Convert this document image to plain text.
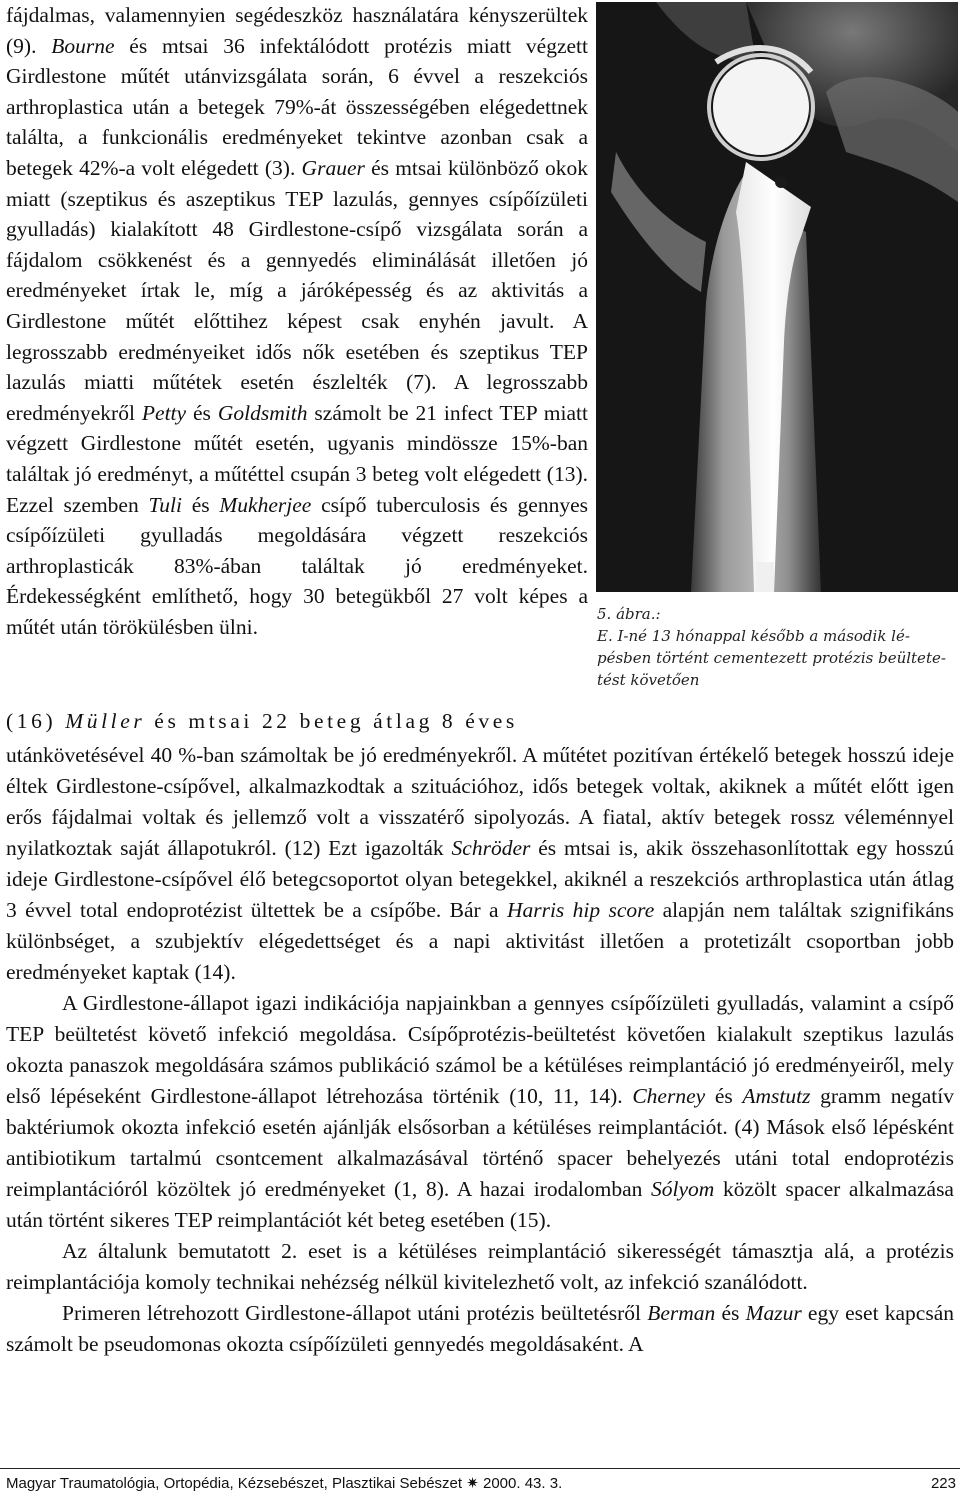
fájdalmas, valamennyien segédeszköz használatára kényszerültek (9). Bourne és mtsai 36 infektálódott protézis miatt végzett Girdlestone műtét utánvizsgálata során, 6 évvel a reszekciós arthroplastica után a betegek 79%-át összességében elégedettnek találta, a funkcionális eredményeket tekintve azonban csak a betegek 42%-a volt elégedett (3). Grauer és mtsai különböző okok miatt (szeptikus és aszeptikus TEP lazulás, gennyes csípőízületi gyulladás) kialakított 48 Girdlestone-csípő vizsgálata során a fájdalom csökkenést és a gennyedés eliminálását illetően jó eredményeket írtak le, míg a járóképesség és az aktivitás a Girdlestone műtét előttihez képest csak enyhén javult. A legrosszabb eredményeiket idős nők esetében és szeptikus TEP lazulás miatti műtétek esetén észlelték (7). A legrosszabb eredményekről Petty és Goldsmith számolt be 21 infect TEP miatt végzett Girdlestone műtét esetén, ugyanis mindössze 15%-ban találtak jó eredményt, a műtéttel csupán 3 beteg volt elégedett (13). Ezzel szemben Tuli és Mukherjee csípő tuberculosis és gennyes csípőízületi gyulladás megoldására végzett reszekciós arthroplasticák 83%-ában találtak jó eredményeket. Érdekességként említhető, hogy 30 betegükből 27 volt képes a műtét után törökülésben ülni.

(16) Müller és mtsai 22 beteg átlag 8 éves
5. ábra.:
E. I-né 13 hónappal később a második lé-
pésben történt cementezett protézis beültete-
tést követően

utánkövetésével 40 %-ban számoltak be jó eredményekről. A műtétet pozitívan értékelő betegek hosszú ideje éltek Girdlestone-csípővel, alkalmazkodtak a szituációhoz, idős betegek voltak, akiknek a műtét előtt igen erős fájdalmai voltak és jellemző volt a visszatérő sipolyozás. A fiatal, aktív betegek rossz véleménnyel nyilatkoztak saját állapotukról. (12) Ezt igazolták Schröder és mtsai is, akik összehasonlítottak egy hosszú ideje Girdlestone-csípővel élő betegcsoportot olyan betegekkel, akiknél a reszekciós arthroplastica után átlag 3 évvel total endoprotézist ültettek be a csípőbe. Bár a Harris hip score alapján nem találtak szignifikáns különbséget, a szubjektív elégedettséget és a napi aktivitást illetően a protetizált csoportban jobb eredményeket kaptak (14).

A Girdlestone-állapot igazi indikációja napjainkban a gennyes csípőízületi gyulladás, valamint a csípő TEP beültetést követő infekció megoldása. Csípőprotézis-beültetést követően kialakult szeptikus lazulás okozta panaszok megoldására számos publikáció számol be a kétüléses reimplantáció jó eredményeiről, mely első lépéseként Girdlestone-állapot létrehozása történik (10, 11, 14). Cherney és Amstutz gramm negatív baktériumok okozta infekció esetén ajánlják elsősorban a kétüléses reimplantációt. (4) Mások első lépésként antibiotikum tartalmú csontcement alkalmazásával történő spacer behelyezés utáni total endoprotézis reimplantációról közöltek jó eredményeket (1, 8). A hazai irodalomban Sólyom közölt spacer alkalmazása után történt sikeres TEP reimplantációt két beteg esetében (15).

Az általunk bemutatott 2. eset is a kétüléses reimplantáció sikerességét támasztja alá, a protézis reimplantációja komoly technikai nehézség nélkül kivitelezhető volt, az infekció szanálódott.

Primeren létrehozott Girdlestone-állapot utáni protézis beültetésről Berman és Mazur egy eset kapcsán számolt be pseudomonas okozta csípőízületi gennyedés megoldásaként. A

Magyar Traumatológia, Ortopédia, Kézsebészet, Plasztikai Sebészet ✷ 2000. 43. 3.	223
